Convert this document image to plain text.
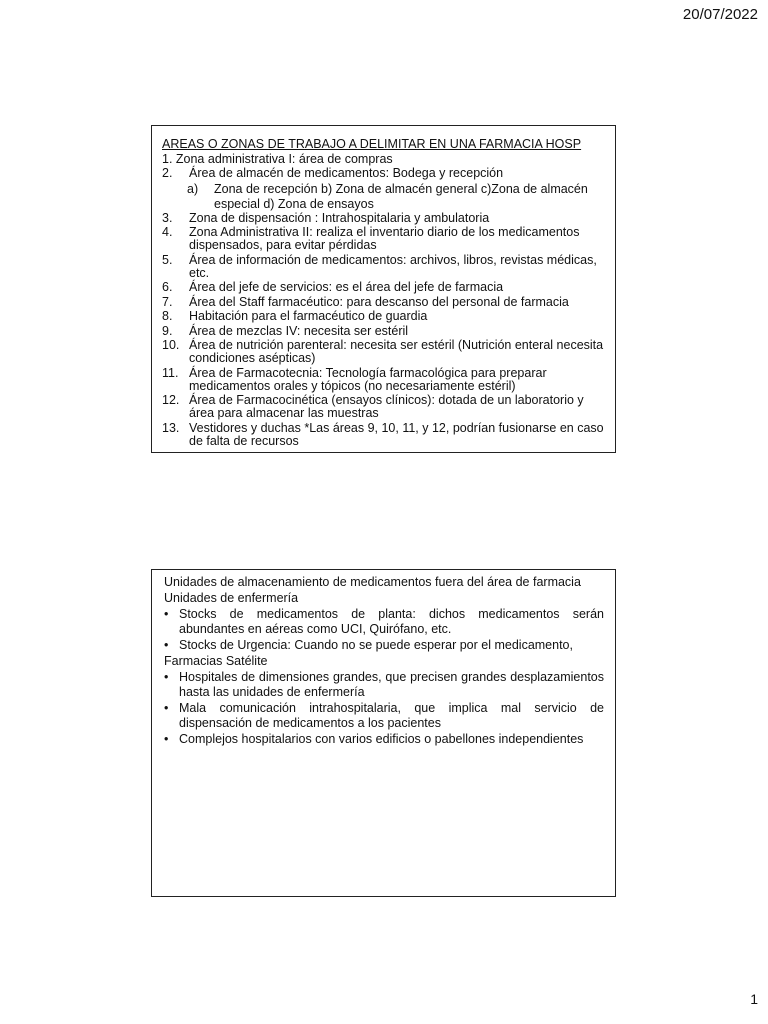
20/07/2022
AREAS O ZONAS DE TRABAJO A DELIMITAR EN UNA FARMACIA HOSP
1. Zona administrativa I: área de compras
2.	Área de almacén de medicamentos: Bodega y recepción
a)	Zona de recepción b) Zona de almacén general c)Zona de almacén especial d) Zona de ensayos
3.	Zona de dispensación : Intrahospitalaria y ambulatoria
4.	Zona Administrativa II: realiza el inventario diario de los medicamentos dispensados, para evitar pérdidas
5.	Área de información de medicamentos: archivos, libros, revistas médicas, etc.
6.	Área del jefe de servicios: es el área del jefe de farmacia
7.	Área del Staff farmacéutico: para descanso del personal de farmacia
8.	Habitación para el farmacéutico de guardia
9.	Área de mezclas IV: necesita ser estéril
10. Área de nutrición parenteral: necesita ser estéril (Nutrición enteral necesita condiciones asépticas)
11. Área de Farmacotecnia: Tecnología farmacológica para preparar medicamentos orales y tópicos (no necesariamente estéril)
12. Área de Farmacocinética (ensayos clínicos): dotada de un laboratorio y área para almacenar las muestras
13. Vestidores y duchas *Las áreas 9, 10, 11, y 12, podrían fusionarse en caso de falta de recursos
Unidades de almacenamiento de medicamentos fuera del área de farmacia
Unidades de enfermería
• Stocks de medicamentos de planta: dichos medicamentos serán abundantes en aéreas como UCI, Quirófano, etc.
• Stocks de Urgencia: Cuando no se puede esperar por el medicamento,
Farmacias Satélite
• Hospitales de dimensiones grandes, que precisen grandes desplazamientos hasta las unidades de enfermería
• Mala comunicación intrahospitalaria, que implica mal servicio de dispensación de medicamentos a los pacientes
• Complejos hospitalarios con varios edificios o pabellones independientes
1
